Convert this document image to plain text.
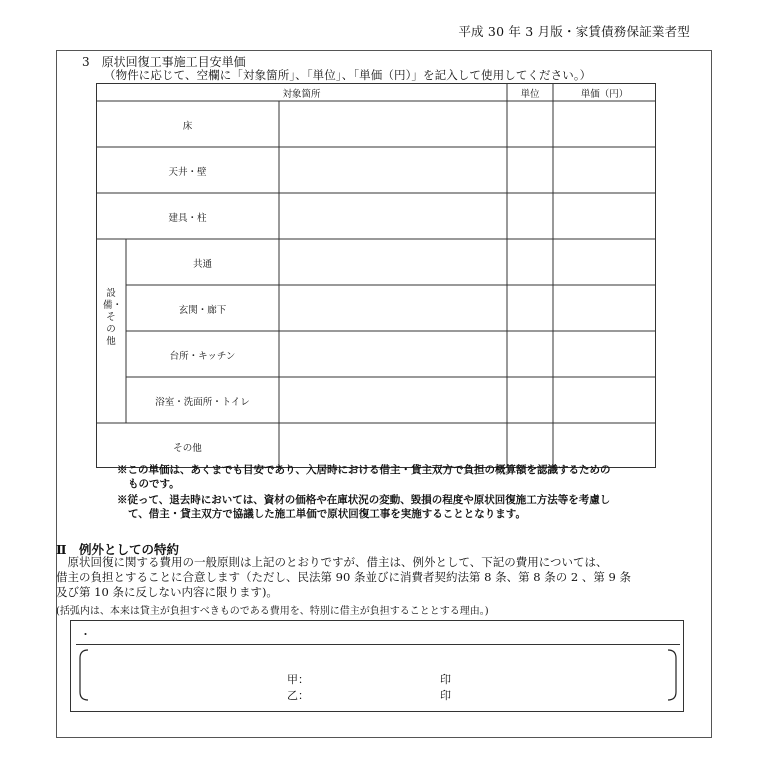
平成 30 年 3 月版・家賃債務保証業者型
3　原状回復工事施工目安単価
（物件に応じて、空欄に「対象箇所」、「単位」、「単価（円）」を記入して使用してください。）
対象箇所	単位	単価（円）
床
天井・壁
建具・柱
設備・その他
共通
玄関・廊下
台所・キッチン
浴室・洗面所・トイレ
その他
※この単価は、あくまでも目安であり、入居時における借主・貸主双方で負担の概算額を認識するための
ものです。
※従って、退去時においては、資材の価格や在庫状況の変動、毀損の程度や原状回復施工方法等を考慮し
て、借主・貸主双方で協議した施工単価で原状回復工事を実施することとなります。
Ⅱ　例外としての特約
　原状回復に関する費用の一般原則は上記のとおりですが、借主は、例外として、下記の費用については、
借主の負担とすることに合意します（ただし、民法第 90 条並びに消費者契約法第 8 条、第 8 条の 2 、第 9 条
及び第 10 条に反しない内容に限ります)。
(括弧内は、本来は貸主が負担すべきものである費用を、特別に借主が負担することとする理由。)
・
甲：	印
乙：	印
